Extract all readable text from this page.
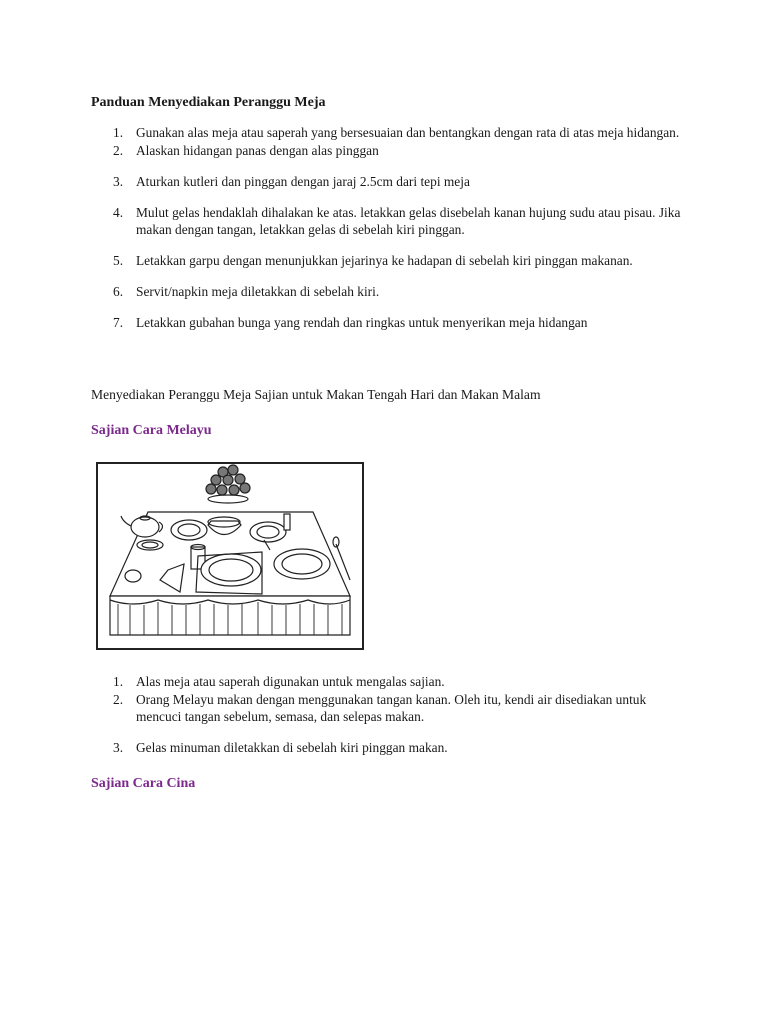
Panduan Menyediakan Peranggu Meja
1. Gunakan alas meja atau saperah yang bersesuaian dan bentangkan dengan rata di atas meja hidangan.
2. Alaskan hidangan panas dengan alas pinggan
3. Aturkan kutleri dan pinggan dengan jaraj 2.5cm dari tepi meja
4. Mulut gelas hendaklah dihalakan ke atas. letakkan gelas disebelah kanan hujung sudu atau pisau. Jika makan dengan tangan, letakkan gelas di sebelah kiri pinggan.
5. Letakkan garpu dengan menunjukkan jejarinya ke hadapan di sebelah kiri pinggan makanan.
6. Servit/napkin meja diletakkan di sebelah kiri.
7. Letakkan gubahan bunga yang rendah dan ringkas untuk menyerikan meja hidangan

Menyediakan Peranggu Meja Sajian untuk Makan Tengah Hari dan Makan Malam

Sajian Cara Melayu
1. Alas meja atau saperah digunakan untuk mengalas sajian.
2. Orang Melayu makan dengan menggunakan tangan kanan. Oleh itu, kendi air disediakan untuk mencuci tangan sebelum, semasa, dan selepas makan.
3. Gelas minuman diletakkan di sebelah kiri pinggan makan.
Sajian Cara Cina
